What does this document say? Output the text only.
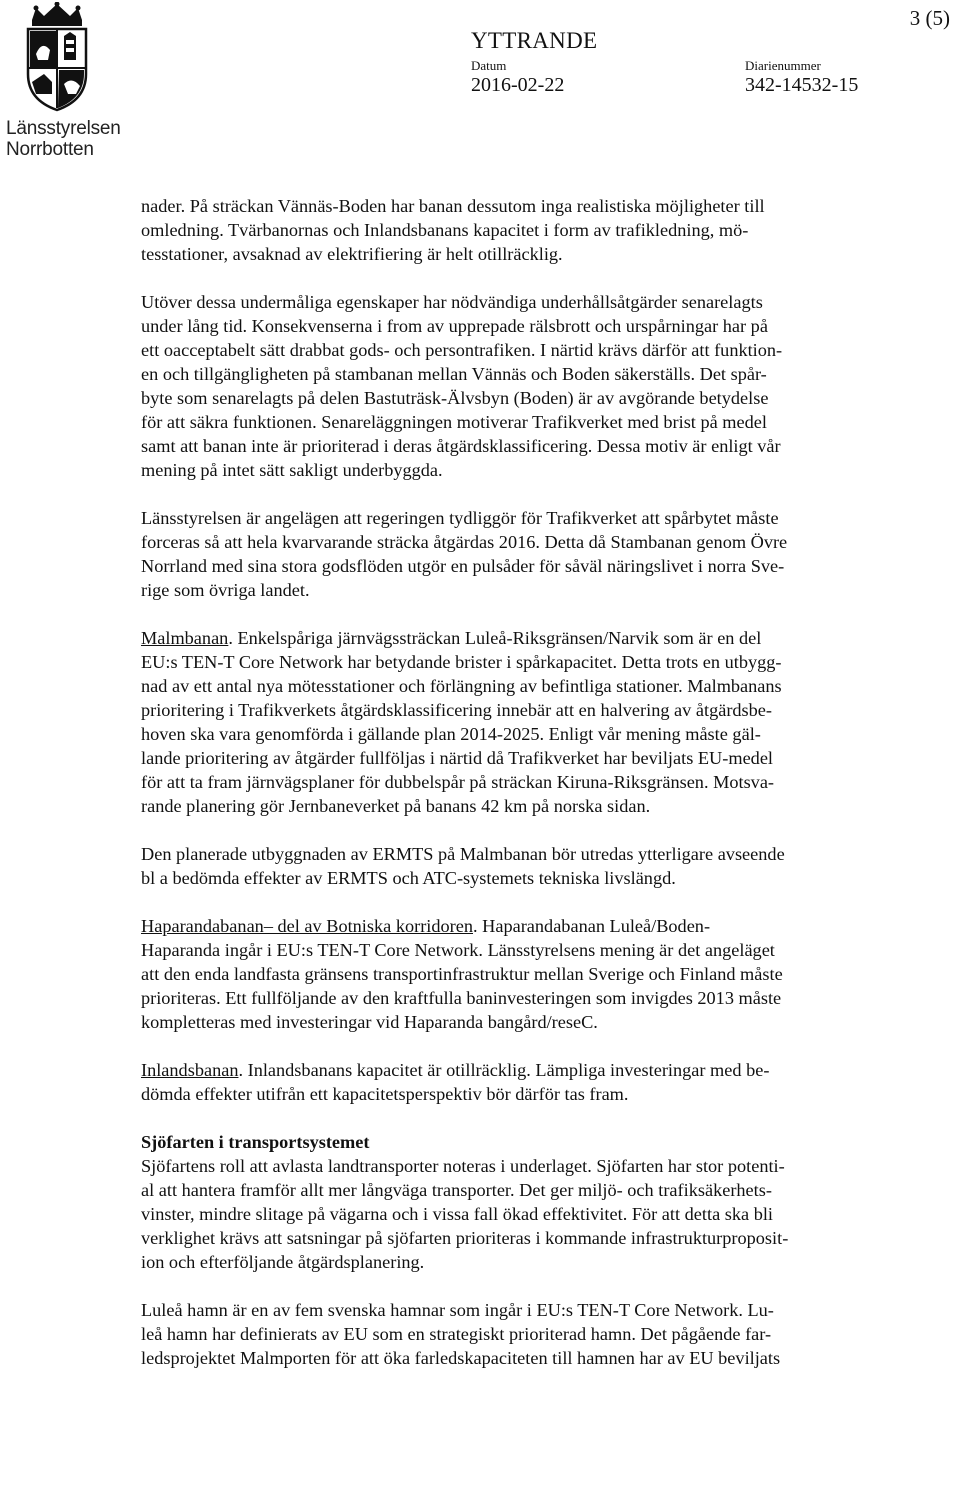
Länsstyrelsen
Norrbotten
3 (5)
YTTRANDE
Datum
2016-02-22
Diarienummer
342-14532-15

nader. På sträckan Vännäs-Boden har banan dessutom inga realistiska möjligheter till
omledning. Tvärbanornas och Inlandsbanans kapacitet i form av trafikledning, mö-
tesstationer, avsaknad av elektrifiering är helt otillräcklig.

Utöver dessa undermåliga egenskaper har nödvändiga underhållsåtgärder senarelagts
under lång tid. Konsekvenserna i from av upprepade rälsbrott och urspårningar har på
ett oacceptabelt sätt drabbat gods- och persontrafiken. I närtid krävs därför att funktion-
en och tillgängligheten på stambanan mellan Vännäs och Boden säkerställs. Det spår-
byte som senarelagts på delen Bastuträsk-Älvsbyn (Boden) är av avgörande betydelse
för att säkra funktionen. Senareläggningen motiverar Trafikverket med brist på medel
samt att banan inte är prioriterad i deras åtgärdsklassificering. Dessa motiv är enligt vår
mening på intet sätt sakligt underbyggda.

Länsstyrelsen är angelägen att regeringen tydliggör för Trafikverket att spårbytet måste
forceras så att hela kvarvarande sträcka åtgärdas 2016. Detta då Stambanan genom Övre
Norrland med sina stora godsflöden utgör en pulsåder för såväl näringslivet i norra Sve-
rige som övriga landet.

Malmbanan. Enkelspåriga järnvägssträckan Luleå-Riksgränsen/Narvik som är en del
EU:s TEN-T Core Network har betydande brister i spårkapacitet. Detta trots en utbygg-
nad av ett antal nya mötesstationer och förlängning av befintliga stationer. Malmbanans
prioritering i Trafikverkets åtgärdsklassificering innebär att en halvering av åtgärdsbe-
hoven ska vara genomförda i gällande plan 2014-2025. Enligt vår mening måste gäl-
lande prioritering av åtgärder fullföljas i närtid då Trafikverket har beviljats EU-medel
för att ta fram järnvägsplaner för dubbelspår på sträckan Kiruna-Riksgränsen. Motsva-
rande planering gör Jernbaneverket på banans 42 km på norska sidan.

Den planerade utbyggnaden av ERMTS på Malmbanan bör utredas ytterligare avseende
bl a bedömda effekter av ERMTS och ATC-systemets tekniska livslängd.

Haparandabanan– del av Botniska korridoren. Haparandabanan Luleå/Boden-
Haparanda ingår i EU:s TEN-T Core Network. Länsstyrelsens mening är det angeläget
att den enda landfasta gränsens transportinfrastruktur mellan Sverige och Finland måste
prioriteras. Ett fullföljande av den kraftfulla baninvesteringen som invigdes 2013 måste
kompletteras med investeringar vid Haparanda bangård/reseC.

Inlandsbanan. Inlandsbanans kapacitet är otillräcklig. Lämpliga investeringar med be-
dömda effekter utifrån ett kapacitetsperspektiv bör därför tas fram.

Sjöfarten i transportsystemet
Sjöfartens roll att avlasta landtransporter noteras i underlaget. Sjöfarten har stor potenti-
al att hantera framför allt mer långväga transporter. Det ger miljö- och trafiksäkerhets-
vinster, mindre slitage på vägarna och i vissa fall ökad effektivitet. För att detta ska bli
verklighet krävs att satsningar på sjöfarten prioriteras i kommande infrastrukturproposit-
ion och efterföljande åtgärdsplanering.

Luleå hamn är en av fem svenska hamnar som ingår i EU:s TEN-T Core Network. Lu-
leå hamn har definierats av EU som en strategiskt prioriterad hamn. Det pågående far-
ledsprojektet Malmporten för att öka farledskapaciteten till hamnen har av EU beviljats
